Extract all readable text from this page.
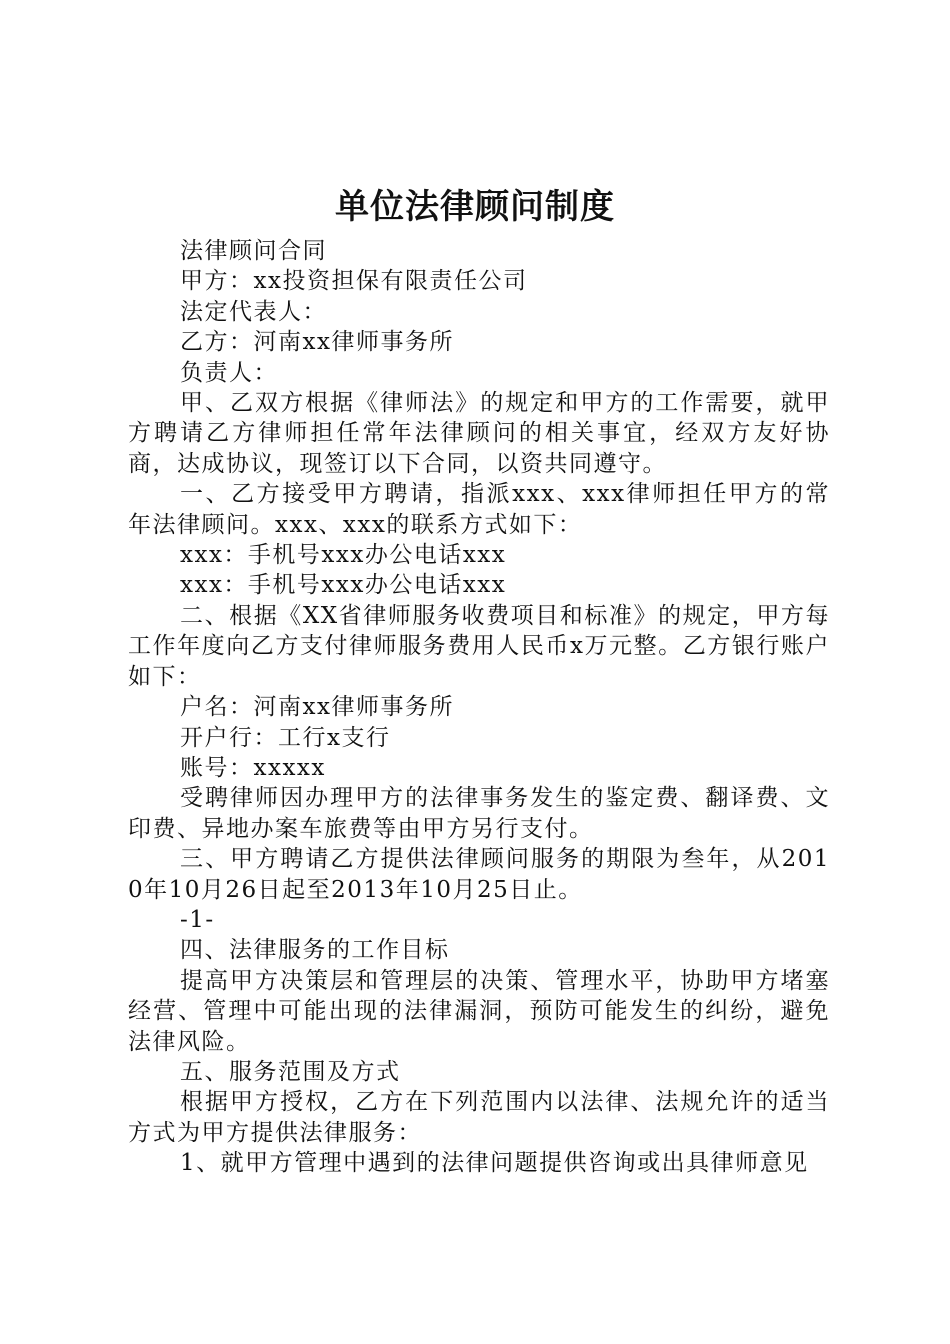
单位法律顾问制度

法律顾问合同

甲方：xx投资担保有限责任公司

法定代表人：

乙方：河南xx律师事务所

负责人：

甲、乙双方根据《律师法》的规定和甲方的工作需要，就甲方聘请乙方律师担任常年法律顾问的相关事宜，经双方友好协商，达成协议，现签订以下合同，以资共同遵守。

一、乙方接受甲方聘请，指派xxx、xxx律师担任甲方的常年法律顾问。xxx、xxx的联系方式如下：

xxx：手机号xxx办公电话xxx

xxx：手机号xxx办公电话xxx

二、根据《XX省律师服务收费项目和标准》的规定，甲方每工作年度向乙方支付律师服务费用人民币x万元整。乙方银行账户如下：

户名：河南xx律师事务所

开户行：工行x支行

账号：xxxxx

受聘律师因办理甲方的法律事务发生的鉴定费、翻译费、文印费、异地办案车旅费等由甲方另行支付。

三、甲方聘请乙方提供法律顾问服务的期限为叁年，从2010年10月26日起至2013年10月25日止。

-1-

四、法律服务的工作目标

提高甲方决策层和管理层的决策、管理水平，协助甲方堵塞经营、管理中可能出现的法律漏洞，预防可能发生的纠纷，避免法律风险。

五、服务范围及方式

根据甲方授权，乙方在下列范围内以法律、法规允许的适当方式为甲方提供法律服务：

1、就甲方管理中遇到的法律问题提供咨询或出具律师意见
